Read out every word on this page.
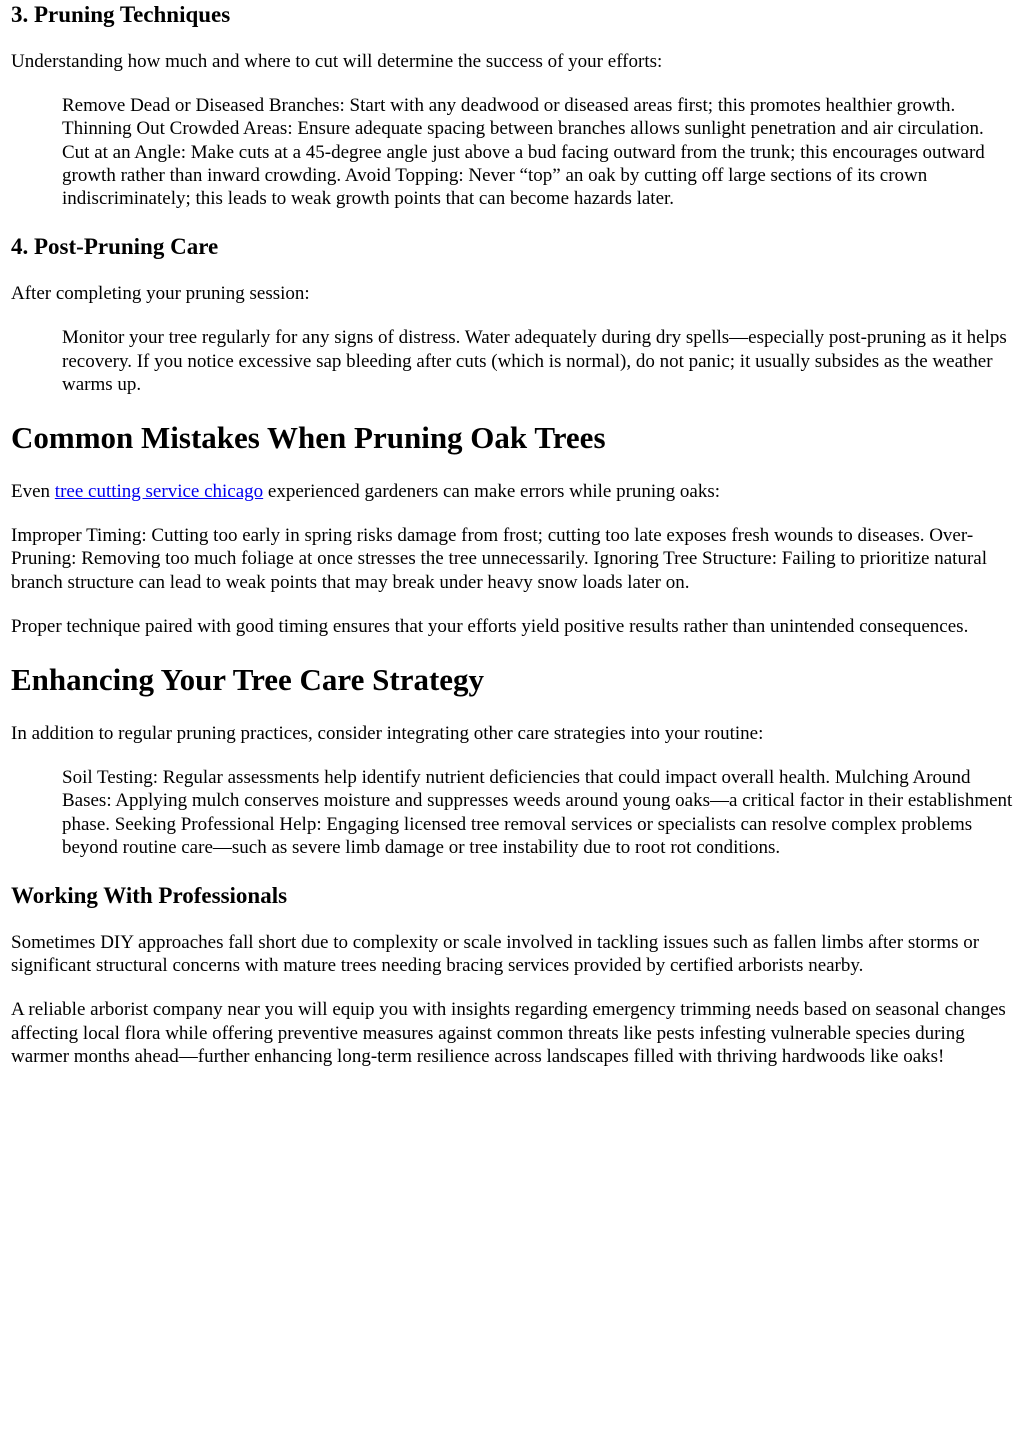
3. Pruning Techniques

Understanding how much and where to cut will determine the success of your efforts:

Remove Dead or Diseased Branches: Start with any deadwood or diseased areas first; this promotes healthier growth. Thinning Out Crowded Areas: Ensure adequate spacing between branches allows sunlight penetration and air circulation. Cut at an Angle: Make cuts at a 45-degree angle just above a bud facing outward from the trunk; this encourages outward growth rather than inward crowding. Avoid Topping: Never “top” an oak by cutting off large sections of its crown indiscriminately; this leads to weak growth points that can become hazards later.

4. Post-Pruning Care

After completing your pruning session:

Monitor your tree regularly for any signs of distress. Water adequately during dry spells—especially post-pruning as it helps recovery. If you notice excessive sap bleeding after cuts (which is normal), do not panic; it usually subsides as the weather warms up.

Common Mistakes When Pruning Oak Trees

Even tree cutting service chicago experienced gardeners can make errors while pruning oaks:

Improper Timing: Cutting too early in spring risks damage from frost; cutting too late exposes fresh wounds to diseases. Over-Pruning: Removing too much foliage at once stresses the tree unnecessarily. Ignoring Tree Structure: Failing to prioritize natural branch structure can lead to weak points that may break under heavy snow loads later on.

Proper technique paired with good timing ensures that your efforts yield positive results rather than unintended consequences.

Enhancing Your Tree Care Strategy

In addition to regular pruning practices, consider integrating other care strategies into your routine:

Soil Testing: Regular assessments help identify nutrient deficiencies that could impact overall health. Mulching Around Bases: Applying mulch conserves moisture and suppresses weeds around young oaks—a critical factor in their establishment phase. Seeking Professional Help: Engaging licensed tree removal services or specialists can resolve complex problems beyond routine care—such as severe limb damage or tree instability due to root rot conditions.

Working With Professionals

Sometimes DIY approaches fall short due to complexity or scale involved in tackling issues such as fallen limbs after storms or significant structural concerns with mature trees needing bracing services provided by certified arborists nearby.

A reliable arborist company near you will equip you with insights regarding emergency trimming needs based on seasonal changes affecting local flora while offering preventive measures against common threats like pests infesting vulnerable species during warmer months ahead—further enhancing long-term resilience across landscapes filled with thriving hardwoods like oaks!
